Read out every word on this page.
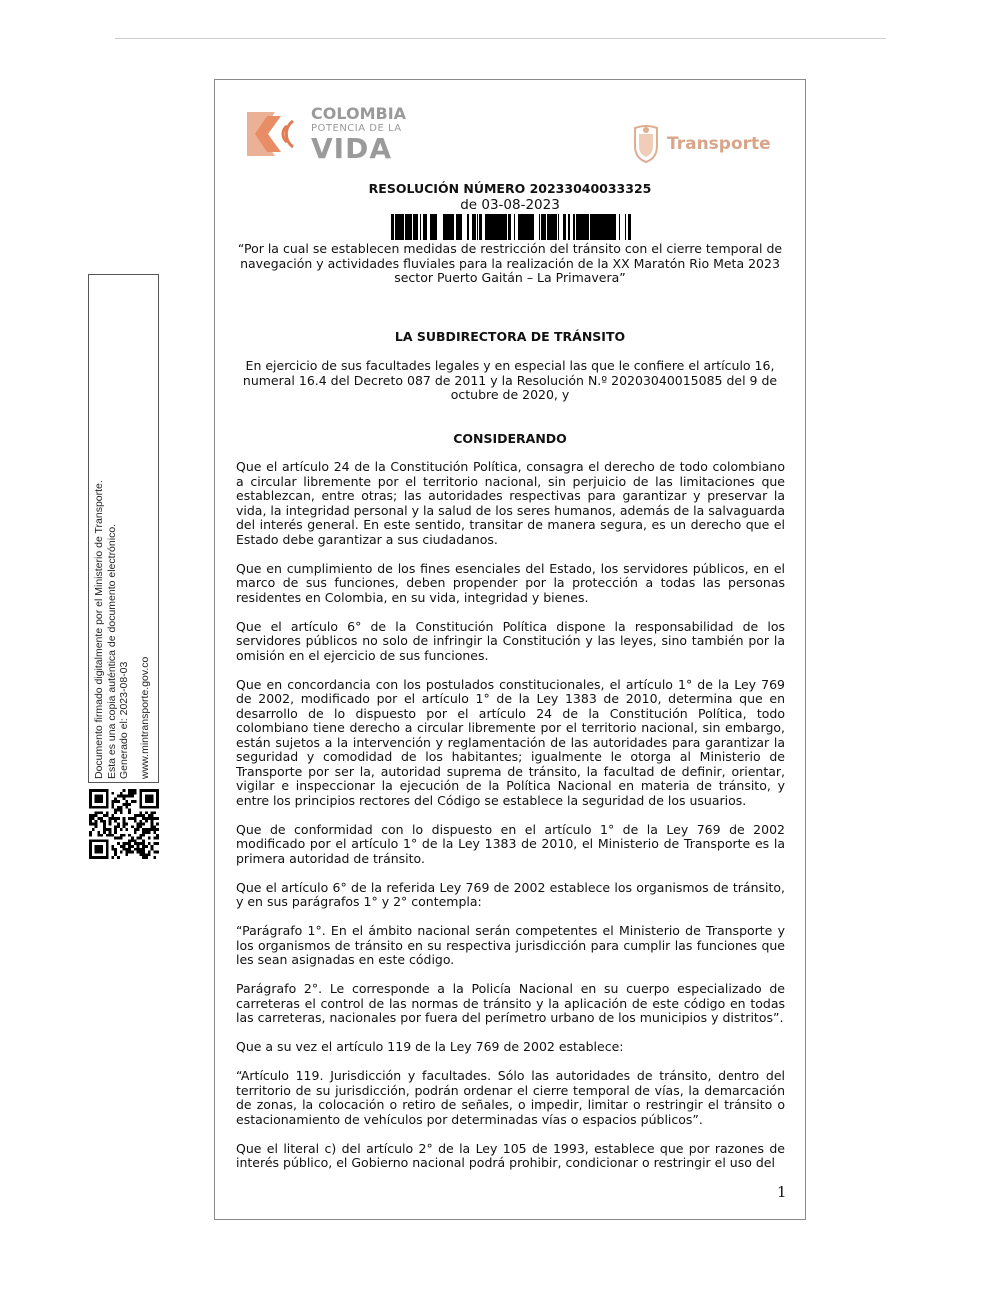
COLOMBIA
POTENCIA DE LA
VIDA	Transporte
RESOLUCIÓN NÚMERO 20233040033325
de 03-08-2023
“Por la cual se establecen medidas de restricción del tránsito con el cierre temporal de navegación y actividades fluviales para la realización de la XX Maratón Rio Meta 2023 sector Puerto Gaitán – La Primavera”
LA SUBDIRECTORA DE TRÁNSITO
En ejercicio de sus facultades legales y en especial las que le confiere el artículo 16, numeral 16.4 del Decreto 087 de 2011 y la Resolución N.º 20203040015085 del 9 de octubre de 2020, y
CONSIDERANDO

Que el artículo 24 de la Constitución Política, consagra el derecho de todo colombiano a circular libremente por el territorio nacional, sin perjuicio de las limitaciones que establezcan, entre otras; las autoridades respectivas para garantizar y preservar la vida, la integridad personal y la salud de los seres humanos, además de la salvaguarda del interés general. En este sentido, transitar de manera segura, es un derecho que el Estado debe garantizar a sus ciudadanos.

Que en cumplimiento de los fines esenciales del Estado, los servidores públicos, en el marco de sus funciones, deben propender por la protección a todas las personas residentes en Colombia, en su vida, integridad y bienes.

Que el artículo 6° de la Constitución Política dispone la responsabilidad de los servidores públicos no solo de infringir la Constitución y las leyes, sino también por la omisión en el ejercicio de sus funciones.

Que en concordancia con los postulados constitucionales, el artículo 1° de la Ley 769 de 2002, modificado por el artículo 1° de la Ley 1383 de 2010, determina que en desarrollo de lo dispuesto por el artículo 24 de la Constitución Política, todo colombiano tiene derecho a circular libremente por el territorio nacional, sin embargo, están sujetos a la intervención y reglamentación de las autoridades para garantizar la seguridad y comodidad de los habitantes; igualmente le otorga al Ministerio de Transporte por ser la, autoridad suprema de tránsito, la facultad de definir, orientar, vigilar e inspeccionar la ejecución de la Política Nacional en materia de tránsito, y entre los principios rectores del Código se establece la seguridad de los usuarios.

Que de conformidad con lo dispuesto en el artículo 1° de la Ley 769 de 2002 modificado por el artículo 1° de la Ley 1383 de 2010, el Ministerio de Transporte es la primera autoridad de tránsito.

Que el artículo 6° de la referida Ley 769 de 2002 establece los organismos de tránsito, y en sus parágrafos 1° y 2° contempla:

“Parágrafo 1°. En el ámbito nacional serán competentes el Ministerio de Transporte y los organismos de tránsito en su respectiva jurisdicción para cumplir las funciones que les sean asignadas en este código.

Parágrafo 2°. Le corresponde a la Policía Nacional en su cuerpo especializado de carreteras el control de las normas de tránsito y la aplicación de este código en todas las carreteras, nacionales por fuera del perímetro urbano de los municipios y distritos”.

Que a su vez el artículo 119 de la Ley 769 de 2002 establece:

“Artículo 119. Jurisdicción y facultades. Sólo las autoridades de tránsito, dentro del territorio de su jurisdicción, podrán ordenar el cierre temporal de vías, la demarcación de zonas, la colocación o retiro de señales, o impedir, limitar o restringir el tránsito o estacionamiento de vehículos por determinadas vías o espacios públicos”.

Que el literal c) del artículo 2° de la Ley 105 de 1993, establece que por razones de interés público, el Gobierno nacional podrá prohibir, condicionar o restringir el uso del

1
Documento firmado digitalmente por el Ministerio de Transporte. Esta es una copia auténtica de documento electrónico. Generado el: 2023-08-03 www.mintransporte.gov.co
